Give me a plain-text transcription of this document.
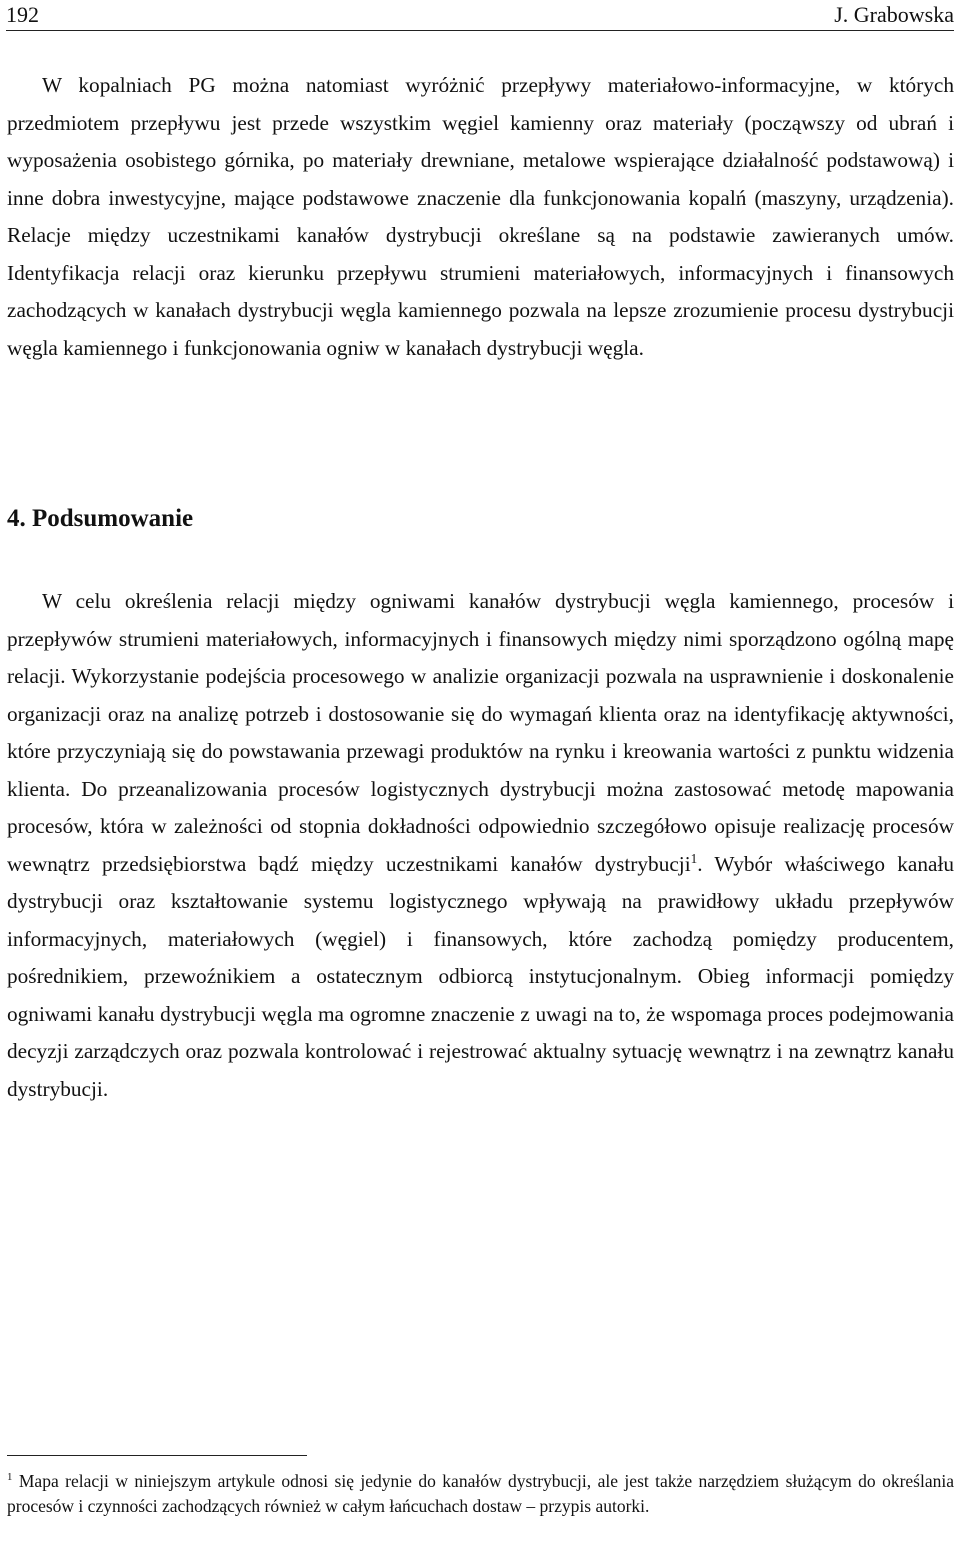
192	J. Grabowska

W kopalniach PG można natomiast wyróżnić przepływy materiałowo-informacyjne, w których przedmiotem przepływu jest przede wszystkim węgiel kamienny oraz materiały (począwszy od ubrań i wyposażenia osobistego górnika, po materiały drewniane, metalowe wspierające działalność podstawową) i inne dobra inwestycyjne, mające podstawowe znaczenie dla funkcjonowania kopalń (maszyny, urządzenia). Relacje między uczestnikami kanałów dystrybucji określane są na podstawie zawieranych umów. Identyfikacja relacji oraz kierunku przepływu strumieni materiałowych, informacyjnych i finansowych zachodzących w kanałach dystrybucji węgla kamiennego pozwala na lepsze zrozumienie procesu dystrybucji węgla kamiennego i funkcjonowania ogniw w kanałach dystrybucji węgla.

4. Podsumowanie

W celu określenia relacji między ogniwami kanałów dystrybucji węgla kamiennego, procesów i przepływów strumieni materiałowych, informacyjnych i finansowych między nimi sporządzono ogólną mapę relacji. Wykorzystanie podejścia procesowego w analizie organizacji pozwala na usprawnienie i doskonalenie organizacji oraz na analizę potrzeb i dostosowanie się do wymagań klienta oraz na identyfikację aktywności, które przyczyniają się do powstawania przewagi produktów na rynku i kreowania wartości z punktu widzenia klienta. Do przeanalizowania procesów logistycznych dystrybucji można zastosować metodę mapowania procesów, która w zależności od stopnia dokładności odpowiednio szczegółowo opisuje realizację procesów wewnątrz przedsiębiorstwa bądź między uczestnikami kanałów dystrybucji$^1$. Wybór właściwego kanału dystrybucji oraz kształtowanie systemu logistycznego wpływają na prawidłowy układu przepływów informacyjnych, materiałowych (węgiel) i finansowych, które zachodzą pomiędzy producentem, pośrednikiem, przewoźnikiem a ostatecznym odbiorcą instytucjonalnym. Obieg informacji pomiędzy ogniwami kanału dystrybucji węgla ma ogromne znaczenie z uwagi na to, że wspomaga proces podejmowania decyzji zarządczych oraz pozwala kontrolować i rejestrować aktualny sytuację wewnątrz i na zewnątrz kanału dystrybucji.

$^1$ Mapa relacji w niniejszym artykule odnosi się jedynie do kanałów dystrybucji, ale jest także narzędziem służącym do określania procesów i czynności zachodzących również w całym łańcuchach dostaw – przypis autorki.
